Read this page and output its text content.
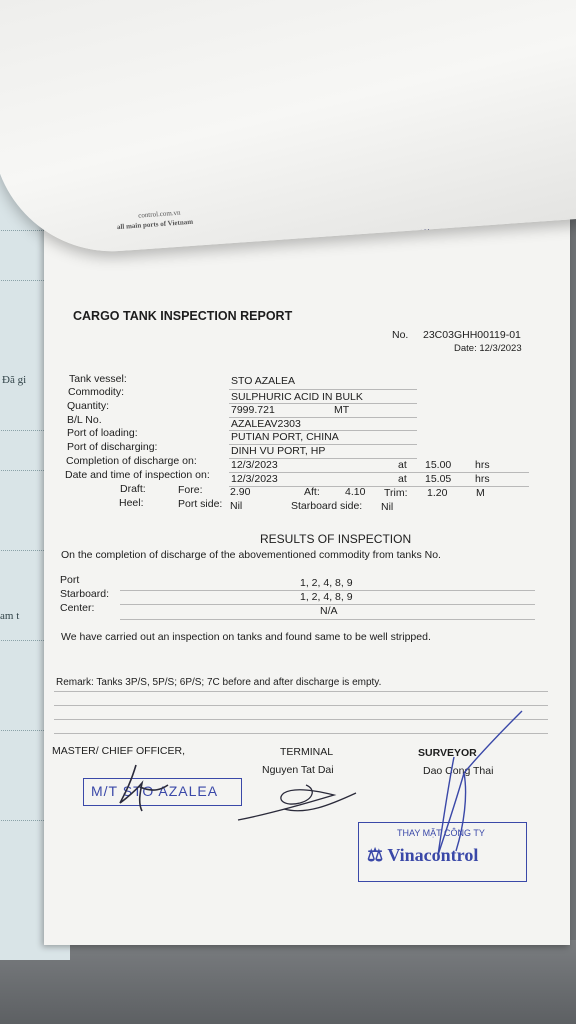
Đã gi
am t
CARGO TANK INSPECTION REPORT
No. 23C03GHH00119-01
Date: 12/3/2023
Tank vessel:	STO AZALEA
Commodity:	SULPHURIC ACID IN BULK
Quantity:	7999.721	MT
B/L No.	AZALEAV2303
Port of loading:	PUTIAN PORT, CHINA
Port of discharging:	DINH VU PORT, HP
Completion of discharge on:	12/3/2023	at 15.00 hrs
Date and time of inspection on: 12/3/2023	at 15.05 hrs
Draft:	Fore:	2.90	Aft: 4.10 Trim: 1.20	M
Heel:	Port side: Nil	Starboard side: Nil
RESULTS OF INSPECTION
On the completion of discharge of the abovementioned commodity from tanks No.
Port	1, 2, 4, 8, 9
Starboard:	1, 2, 4, 8, 9
Center:	N/A
We have carried out an inspection on tanks and found same to be well stripped.
Remark: Tanks 3P/S, 5P/S; 6P/S; 7C before and after discharge is empty.
MASTER/ CHIEF OFFICER,	TERMINAL
Nguyen Tat Dai
SURVEYOR
Dao Cong Thai
M/T STO AZALEA
THAY MẶT CÔNG TY
⚖ Vinacontrol
control.com.vn
all main ports of Vietnam
